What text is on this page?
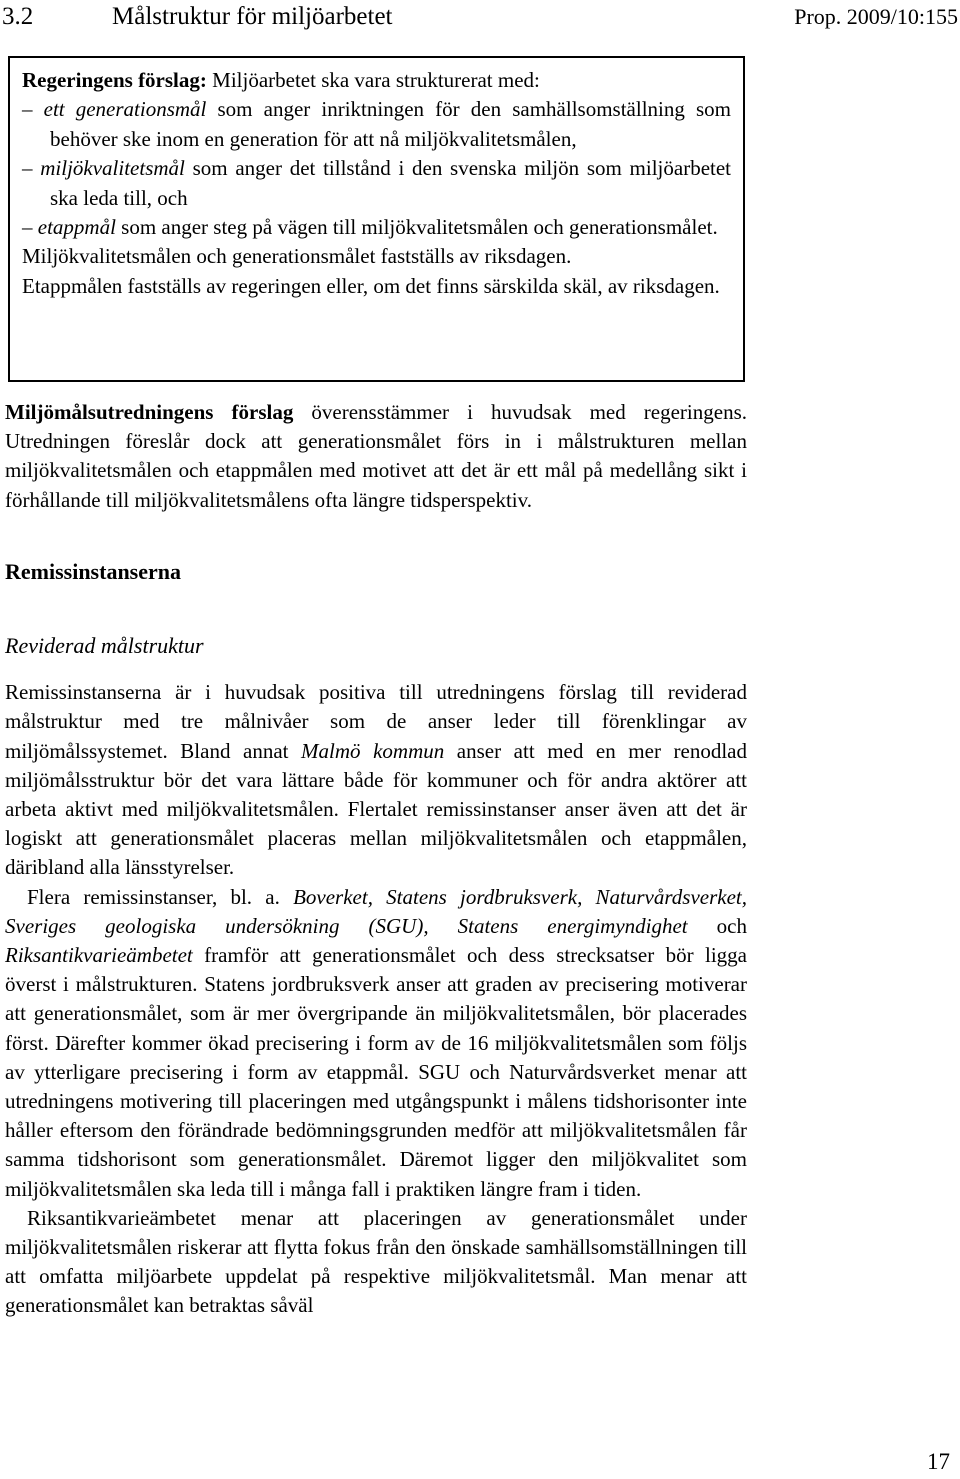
3.2	Målstruktur för miljöarbetet	Prop. 2009/10:155

Regeringens förslag: Miljöarbetet ska vara strukturerat med:

– ett generationsmål som anger inriktningen för den samhällsomställning som behöver ske inom en generation för att nå miljökvalitetsmålen,

– miljökvalitetsmål som anger det tillstånd i den svenska miljön som miljöarbetet ska leda till, och

– etappmål som anger steg på vägen till miljökvalitetsmålen och generationsmålet.

Miljökvalitetsmålen och generationsmålet fastställs av riksdagen.

Etappmålen fastställs av regeringen eller, om det finns särskilda skäl, av riksdagen.

Miljömålsutredningens förslag överensstämmer i huvudsak med regeringens. Utredningen föreslår dock att generationsmålet förs in i målstrukturen mellan miljökvalitetsmålen och etappmålen med motivet att det är ett mål på medellång sikt i förhållande till miljökvalitetsmålens ofta längre tidsperspektiv.

Remissinstanserna

Reviderad målstruktur

Remissinstanserna är i huvudsak positiva till utredningens förslag till reviderad målstruktur med tre målnivåer som de anser leder till förenklingar av miljömålssystemet. Bland annat Malmö kommun anser att med en mer renodlad miljömålsstruktur bör det vara lättare både för kommuner och för andra aktörer att arbeta aktivt med miljökvalitetsmålen. Flertalet remissinstanser anser även att det är logiskt att generationsmålet placeras mellan miljökvalitetsmålen och etappmålen, däribland alla länsstyrelser.

Flera remissinstanser, bl. a. Boverket, Statens jordbruksverk, Naturvårdsverket, Sveriges geologiska undersökning (SGU), Statens energimyndighet och Riksantikvarieämbetet framför att generationsmålet och dess strecksatser bör ligga överst i målstrukturen. Statens jordbruksverk anser att graden av precisering motiverar att generationsmålet, som är mer övergripande än miljökvalitetsmålen, bör placerades först. Därefter kommer ökad precisering i form av de 16 miljökvalitetsmålen som följs av ytterligare precisering i form av etappmål. SGU och Naturvårdsverket menar att utredningens motivering till placeringen med utgångspunkt i målens tidshorisonter inte håller eftersom den förändrade bedömningsgrunden medför att miljökvalitetsmålen får samma tidshorisont som generationsmålet. Däremot ligger den miljökvalitet som miljökvalitetsmålen ska leda till i många fall i praktiken längre fram i tiden.

Riksantikvarieämbetet menar att placeringen av generationsmålet under miljökvalitetsmålen riskerar att flytta fokus från den önskade samhällsomställningen till att omfatta miljöarbete uppdelat på respektive miljökvalitetsmål. Man menar att generationsmålet kan betraktas såväl

17
